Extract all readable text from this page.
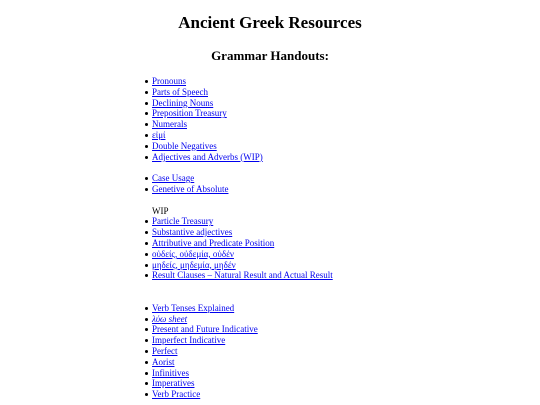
Ancient Greek Resources
Grammar Handouts:
Pronouns
Parts of Speech
Declining Nouns
Preposition Treasury
Numerals
εἰμί
Double Negatives
Adjectives and Adverbs (WIP)
Case Usage
Genetive of Absolute
WIP
Particle Treasury
Substantive adjectives
Attributive and Predicate Position
οὐδείς, οὐδεμία, οὐδέν
μηδείς, μηδεμία, μηδέν
Result Clauses – Natural Result and Actual Result
Verb Tenses Explained
λύω sheet
Present and Future Indicative
Imperfect Indicative
Perfect
Aorist
Infinitives
Imperatives
Verb Practice
